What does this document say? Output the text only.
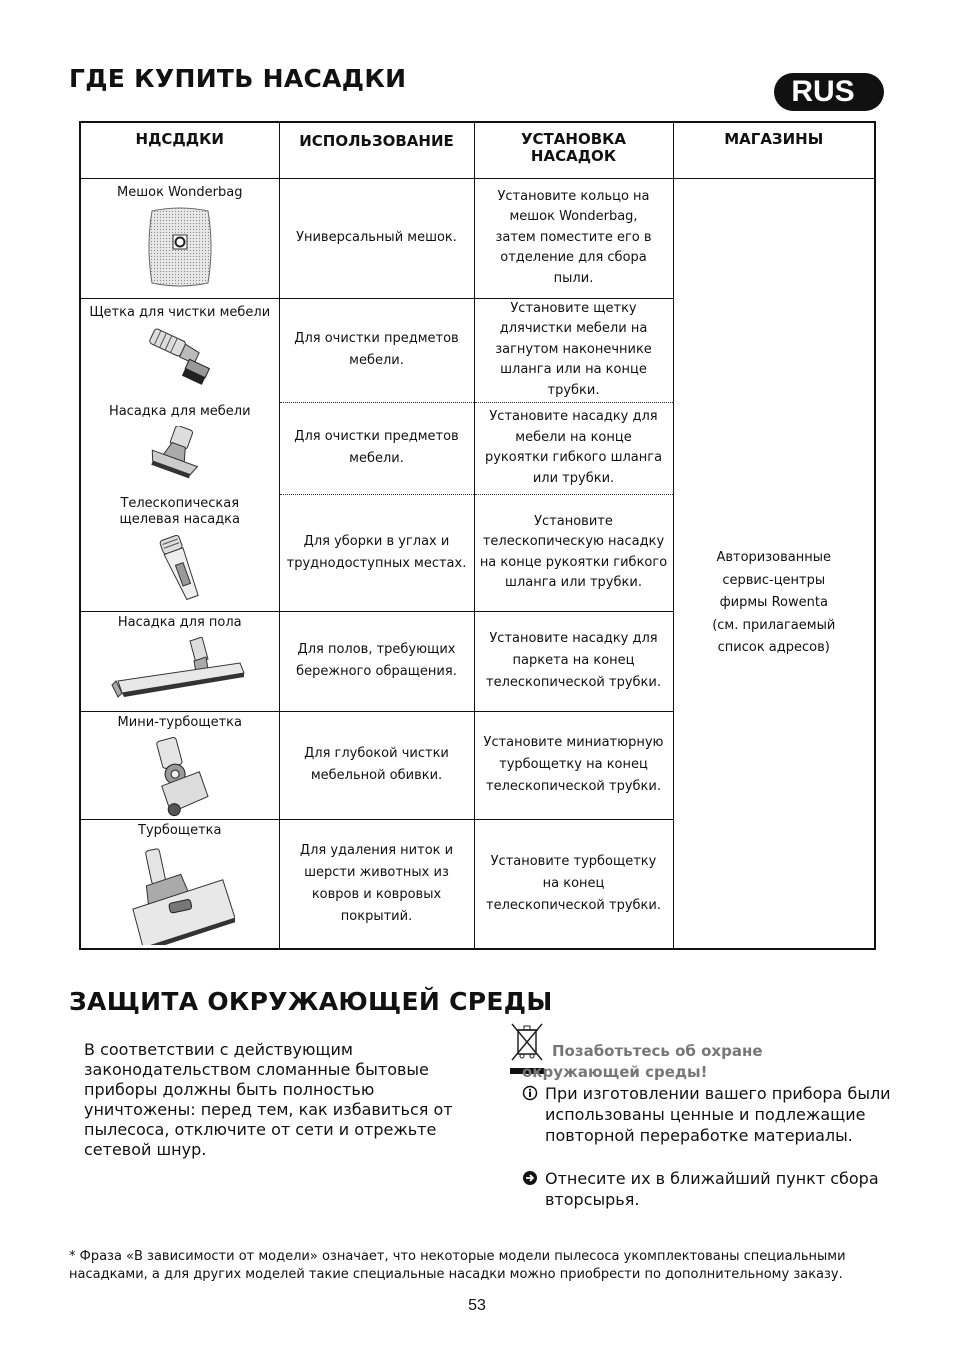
ГДЕ КУПИТЬ НАСАДКИ	RUS
НДСДДКИ	ИСПОЛЬЗОВАНИЕ	УСТАНОВКА НАСАДОК	МАГАЗИНЫ

Мешок Wonderbag	Универсальный мешок.	Установите кольцо на мешок Wonderbag, затем поместите его в отделение для сбора пыли.	Авторизованные сервис-центры фирмы Rowenta (см. прилагаемый список адресов)

Щетка для чистки мебели	Для очистки предметов мебели.	Установите щетку длячистки мебели на загнутом наконечнике шланга или на конце трубки.	

Насадка для мебели	Для очистки предметов мебели.	Установите насадку для мебели на конце рукоятки гибкого шланга или трубки.	

Телескопическая щелевая насадка	Для уборки в углах и труднодоступных местах.	Установите телескопическую насадку на конце рукоятки гибкого шланга или трубки.	

Насадка для пола	Для полов, требующих бережного обращения.	Установите насадку для паркета на конец телескопической трубки.	

Мини-турбощетка	Для глубокой чистки мебельной обивки.	Установите миниатюрную турбощетку на конец телескопической трубки.	

Турбощетка	Для удаления ниток и шерсти животных из ковров и ковровых покрытий.	Установите турбощетку на конец телескопической трубки.	
ЗАЩИТА ОКРУЖАЮЩЕЙ СРЕДЫ
В соответствии с действующим законодательством сломанные бытовые приборы должны быть полностью уничтожены: перед тем, как избавиться от пылесоса, отключите от сети и отрежьте сетевой шнур.
Позаботьтесь об охране
окружающей среды!
При изготовлении вашего прибора были использованы ценные и подлежащие повторной переработке материалы.
Отнесите их в ближайший пункт сбора вторсырья.
* Фраза «В зависимости от модели» означает, что некоторые модели пылесоса укомплектованы специальными насадками, а для других моделей такие специальные насадки можно приобрести по дополнительному заказу.
53
